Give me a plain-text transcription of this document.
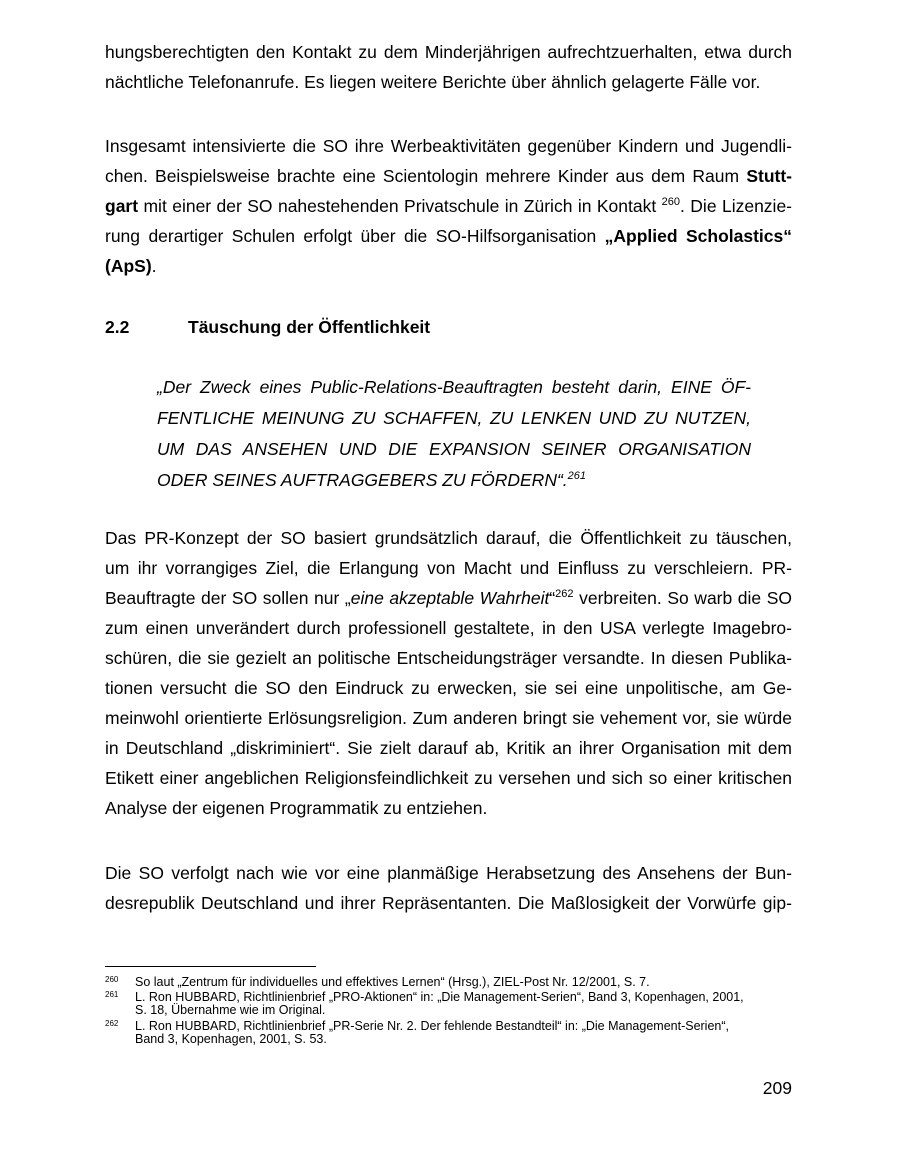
hungsberechtigten den Kontakt zu dem Minderjährigen aufrechtzuerhalten, etwa durch
nächtliche Telefonanrufe. Es liegen weitere Berichte über ähnlich gelagerte Fälle vor.
Insgesamt intensivierte die SO ihre Werbeaktivitäten gegenüber Kindern und Jugendli-
chen. Beispielsweise brachte eine Scientologin mehrere Kinder aus dem Raum Stutt-
gart mit einer der SO nahestehenden Privatschule in Zürich in Kontakt $^{260}$. Die Lizenzie-
rung derartiger Schulen erfolgt über die SO-Hilfsorganisation „Applied Scholastics“
(ApS).
2.2	Täuschung der Öffentlichkeit
„Der Zweck eines Public-Relations-Beauftragten besteht darin, EINE ÖF-
FENTLICHE MEINUNG ZU SCHAFFEN, ZU LENKEN UND ZU NUTZEN,
UM DAS ANSEHEN UND DIE EXPANSION SEINER ORGANISATION
ODER SEINES AUFTRAGGEBERS ZU FÖRDERN“.$^{261}$
Das PR-Konzept der SO basiert grundsätzlich darauf, die Öffentlichkeit zu täuschen,
um ihr vorrangiges Ziel, die Erlangung von Macht und Einfluss zu verschleiern. PR-
Beauftragte der SO sollen nur „eine akzeptable Wahrheit“$^{262}$ verbreiten. So warb die SO
zum einen unverändert durch professionell gestaltete, in den USA verlegte Imagebro-
schüren, die sie gezielt an politische Entscheidungsträger versandte. In diesen Publika-
tionen versucht die SO den Eindruck zu erwecken, sie sei eine unpolitische, am Ge-
meinwohl orientierte Erlösungsreligion. Zum anderen bringt sie vehement vor, sie würde
in Deutschland „diskriminiert“. Sie zielt darauf ab, Kritik an ihrer Organisation mit dem
Etikett einer angeblichen Religionsfeindlichkeit zu versehen und sich so einer kritischen
Analyse der eigenen Programmatik zu entziehen.
Die SO verfolgt nach wie vor eine planmäßige Herabsetzung des Ansehens der Bun-
desrepublik Deutschland und ihrer Repräsentanten. Die Maßlosigkeit der Vorwürfe gip-
260 So laut „Zentrum für individuelles und effektives Lernen“ (Hrsg.), ZIEL-Post Nr. 12/2001, S. 7.
261 L. Ron HUBBARD, Richtlinienbrief „PRO-Aktionen“ in: „Die Management-Serien“, Band 3, Kopenhagen, 2001,
S. 18, Übernahme wie im Original.
262 L. Ron HUBBARD, Richtlinienbrief „PR-Serie Nr. 2. Der fehlende Bestandteil“ in: „Die Management-Serien“,
Band 3, Kopenhagen, 2001, S. 53.
209
